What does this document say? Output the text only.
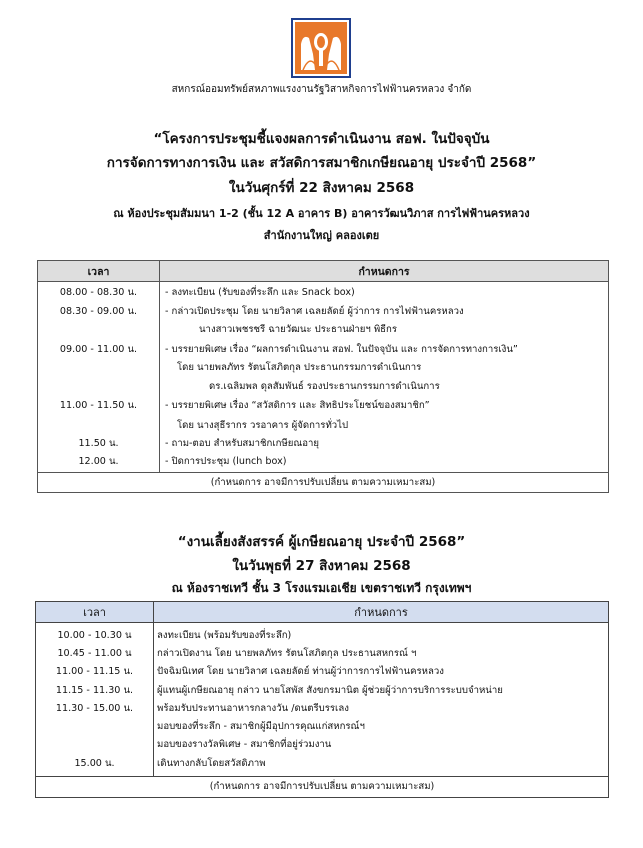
สหกรณ์ออมทรัพย์สหภาพแรงงานรัฐวิสาหกิจการไฟฟ้านครหลวง จำกัด
“โครงการประชุมชี้แจงผลการดำเนินงาน สอฟ. ในปัจจุบัน
การจัดการทางการเงิน และ สวัสดิการสมาชิกเกษียณอายุ ประจำปี 2568”
ในวันศุกร์ที่ 22 สิงหาคม 2568
ณ ห้องประชุมสัมมนา 1-2 (ชั้น 12 A อาคาร B) อาคารวัฒนวิภาส การไฟฟ้านครหลวง
สำนักงานใหญ่ คลองเตย
เวลา	กำหนดการ

08.00 - 08.30 น.	- ลงทะเบียน (รับของที่ระลึก และ Snack box)

08.30 - 09.00 น.	- กล่าวเปิดประชุม โดย นายวิลาศ เฉลยลัดย์ ผู้ว่าการ การไฟฟ้านครหลวง
นางสาวเพชรชรี ฉายวัฒนะ ประธานฝ่ายฯ พิธีกร

09.00 - 11.00 น.	- บรรยายพิเศษ เรื่อง “ผลการดำเนินงาน สอฟ. ในปัจจุบัน และ การจัดการทางการเงิน”
โดย นายพลภัทร รัตนโสภิตกุล ประธานกรรมการดำเนินการ
ดร.เฉลิมพล ดุลสัมพันธ์ รองประธานกรรมการดำเนินการ

11.00 - 11.50 น.	- บรรยายพิเศษ เรื่อง “สวัสดิการ และ สิทธิประโยชน์ของสมาชิก”
โดย นางสุธีรากร วรอาคาร ผู้จัดการทั่วไป

11.50 น.	- ถาม-ตอบ สำหรับสมาชิกเกษียณอายุ

12.00 น.	- ปิดการประชุม (lunch box)

(กำหนดการ อาจมีการปรับเปลี่ยน ตามความเหมาะสม)	
“งานเลี้ยงสังสรรค์ ผู้เกษียณอายุ ประจำปี 2568”
ในวันพุธที่ 27 สิงหาคม 2568
ณ ห้องราชเทวี ชั้น 3 โรงแรมเอเชีย เขตราชเทวี กรุงเทพฯ
เวลา	กำหนดการ

10.00 - 10.30 น	ลงทะเบียน (พร้อมรับของที่ระลึก)

10.45 - 11.00 น	กล่าวเปิดงาน โดย นายพลภัทร รัตนโสภิตกุล ประธานสหกรณ์ ฯ

11.00 - 11.15 น.	ปัจฉิมนิเทศ โดย นายวิลาศ เฉลยลัดย์ ท่านผู้ว่าการการไฟฟ้านครหลวง

11.15 - 11.30 น.	ผู้แทนผู้เกษียณอายุ กล่าว นายโสพัส สังขกรมานิต ผู้ช่วยผู้ว่าการบริการระบบจำหน่าย

11.30 - 15.00 น.	พร้อมรับประทานอาหารกลางวัน /ดนตรีบรรเลง
มอบของที่ระลึก - สมาชิกผู้มีอุปการคุณแก่สหกรณ์ฯ
มอบของรางวัลพิเศษ - สมาชิกที่อยู่ร่วมงาน

15.00 น.	เดินทางกลับโดยสวัสดิภาพ

(กำหนดการ อาจมีการปรับเปลี่ยน ตามความเหมาะสม)	
